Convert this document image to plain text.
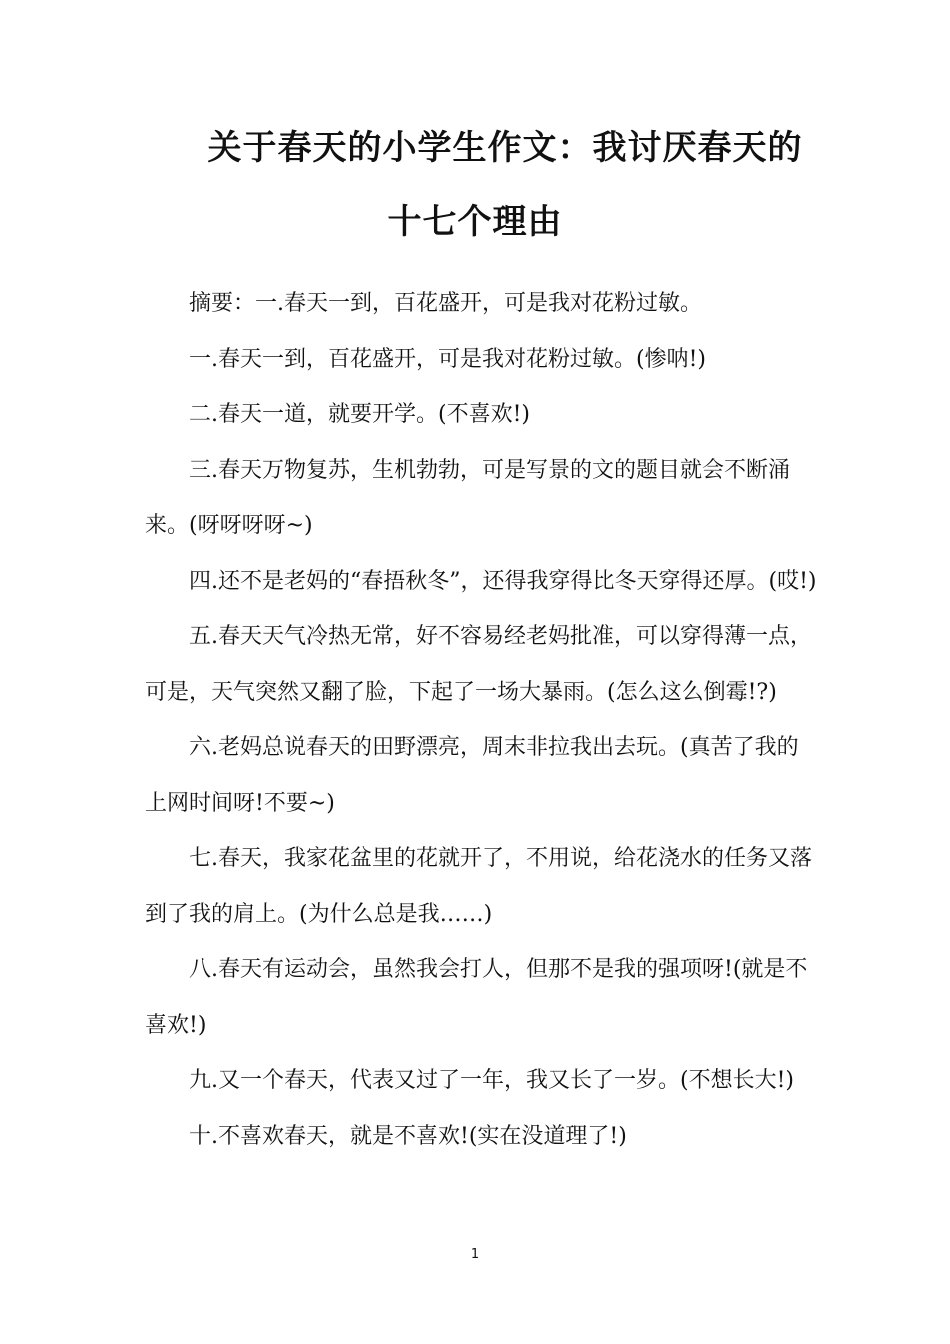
关于春天的小学生作文：我讨厌春天的
十七个理由

摘要：一.春天一到，百花盛开，可是我对花粉过敏。

一.春天一到，百花盛开，可是我对花粉过敏。(惨呐!)

二.春天一道，就要开学。(不喜欢!)

三.春天万物复苏，生机勃勃，可是写景的文的题目就会不断涌来。(呀呀呀呀~)

四.还不是老妈的“春捂秋冬”，还得我穿得比冬天穿得还厚。(哎!)

五.春天天气冷热无常，好不容易经老妈批准，可以穿得薄一点，可是，天气突然又翻了脸，下起了一场大暴雨。(怎么这么倒霉!?)

六.老妈总说春天的田野漂亮，周末非拉我出去玩。(真苦了我的上网时间呀!不要~)

七.春天，我家花盆里的花就开了，不用说，给花浇水的任务又落到了我的肩上。(为什么总是我……)

八.春天有运动会，虽然我会打人，但那不是我的强项呀!(就是不喜欢!)

九.又一个春天，代表又过了一年，我又长了一岁。(不想长大!)

十.不喜欢春天，就是不喜欢!(实在没道理了!)

1
